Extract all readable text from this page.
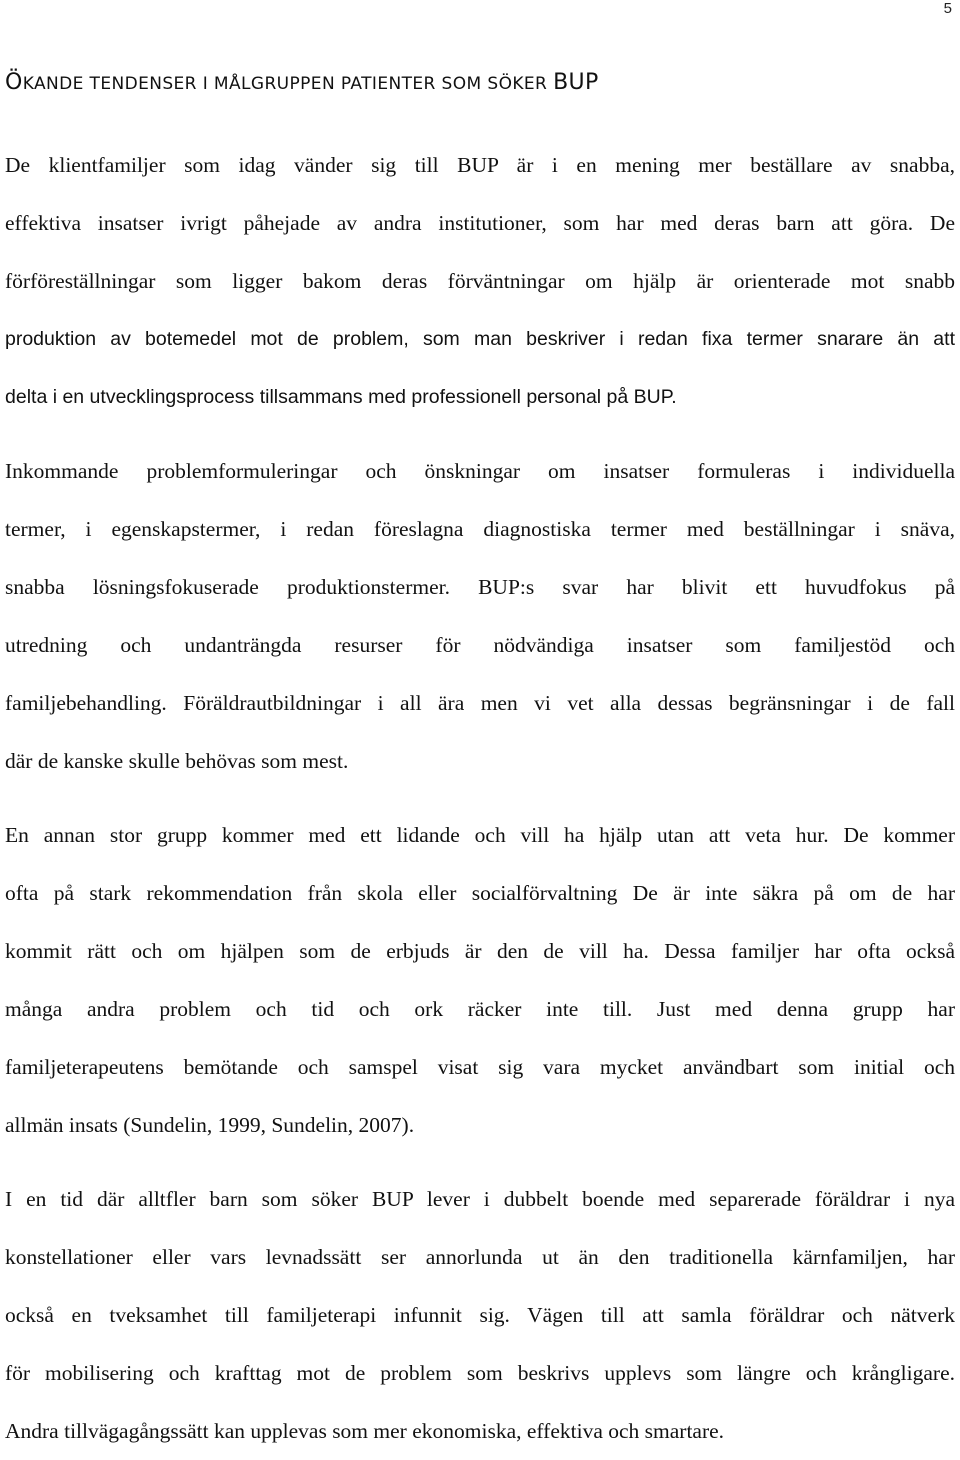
5
ÖKANDE TENDENSER I MÅLGRUPPEN PATIENTER SOM SÖKER BUP
De klientfamiljer som idag vänder sig till BUP är i en mening mer beställare av snabba,
effektiva insatser ivrigt påhejade av andra institutioner, som har med deras barn att göra. De
förföreställningar som ligger bakom deras förväntningar om hjälp är orienterade mot snabb
produktion av botemedel mot de problem, som man beskriver i redan fixa termer snarare än att
delta i en utvecklingsprocess tillsammans med professionell personal på BUP.
Inkommande problemformuleringar och önskningar om insatser formuleras i individuella
termer, i egenskapstermer, i redan föreslagna diagnostiska termer med beställningar i snäva,
snabba lösningsfokuserade produktionstermer. BUP:s svar har blivit ett huvudfokus på
utredning och undanträngda resurser för nödvändiga insatser som familjestöd och
familjebehandling. Föräldrautbildningar i all ära men vi vet alla dessas begränsningar i de fall
där de kanske skulle behövas som mest.
En annan stor grupp kommer med ett lidande och vill ha hjälp utan att veta hur. De kommer
ofta på stark rekommendation från skola eller socialförvaltning De är inte säkra på om de har
kommit rätt och om hjälpen som de erbjuds är den de vill ha. Dessa familjer har ofta också
många andra problem och tid och ork räcker inte till. Just med denna grupp har
familjeterapeutens bemötande och samspel visat sig vara mycket användbart som initial och
allmän insats (Sundelin, 1999, Sundelin, 2007).
I en tid där alltfler barn som söker BUP lever i dubbelt boende med separerade föräldrar i nya
konstellationer eller vars levnadssätt ser annorlunda ut än den traditionella kärnfamiljen, har
också en tveksamhet till familjeterapi infunnit sig. Vägen till att samla föräldrar och nätverk
för mobilisering och krafttag mot de problem som beskrivs upplevs som längre och krångligare.
Andra tillvägagångssätt kan upplevas som mer ekonomiska, effektiva och smartare.
